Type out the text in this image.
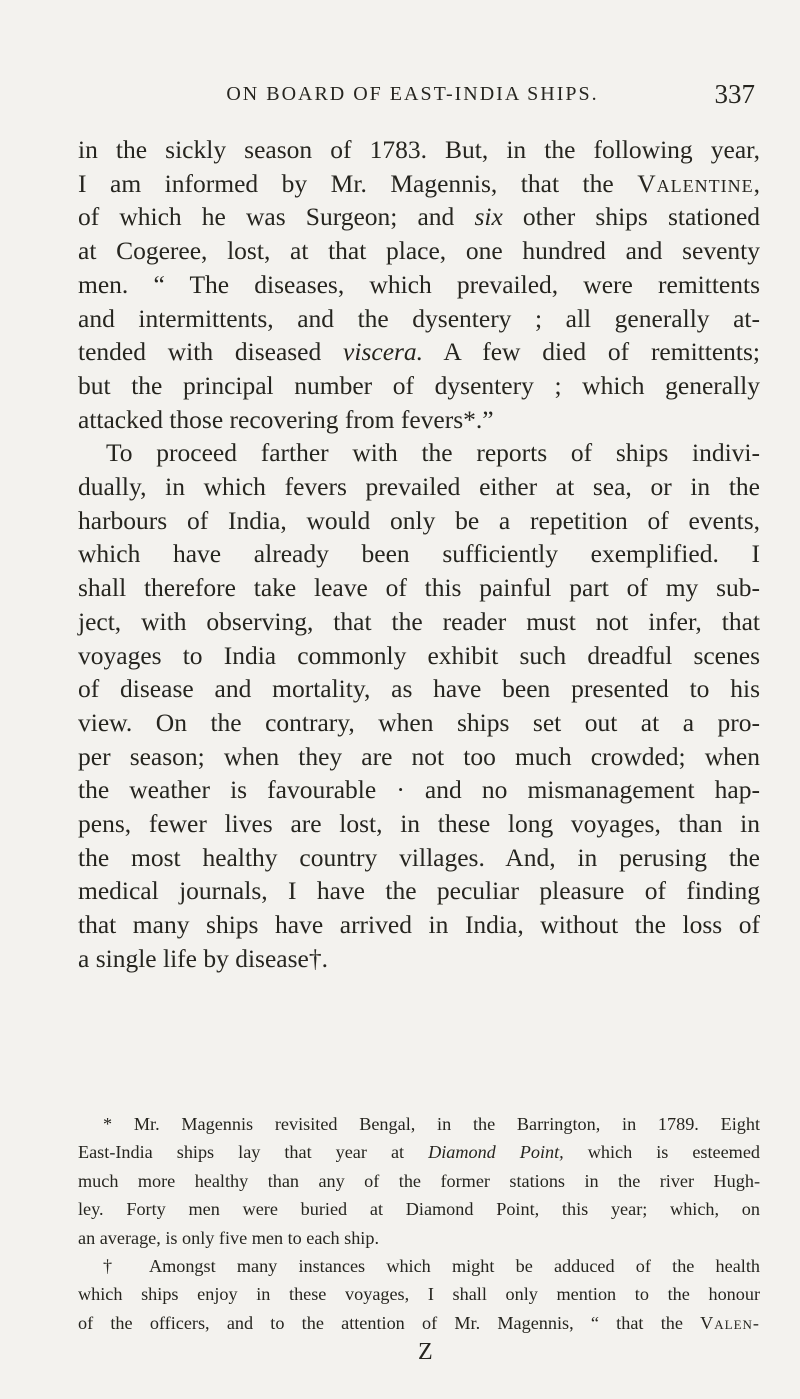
ON BOARD OF EAST-INDIA SHIPS.	337

in the sickly season of 1783. But, in the following year,

I am informed by Mr. Magennis, that the Valentine,

of which he was Surgeon; and six other ships stationed

at Cogeree, lost, at that place, one hundred and seventy

men. “ The diseases, which prevailed, were remittents

and intermittents, and the dysentery ; all generally at-

tended with diseased viscera. A few died of remittents;

but the principal number of dysentery ; which generally

attacked those recovering from fevers*.”

To proceed farther with the reports of ships indivi-

dually, in which fevers prevailed either at sea, or in the

harbours of India, would only be a repetition of events,

which have already been sufficiently exemplified. I

shall therefore take leave of this painful part of my sub-

ject, with observing, that the reader must not infer, that

voyages to India commonly exhibit such dreadful scenes

of disease and mortality, as have been presented to his

view. On the contrary, when ships set out at a pro-

per season; when they are not too much crowded; when

the weather is favourable · and no mismanagement hap-

pens, fewer lives are lost, in these long voyages, than in

the most healthy country villages. And, in perusing the

medical journals, I have the peculiar pleasure of finding

that many ships have arrived in India, without the loss of

a single life by disease†.

* Mr. Magennis revisited Bengal, in the Barrington, in 1789. Eight

East-India ships lay that year at Diamond Point, which is esteemed

much more healthy than any of the former stations in the river Hugh-

ley. Forty men were buried at Diamond Point, this year; which, on

an average, is only five men to each ship.

† Amongst many instances which might be adduced of the health

which ships enjoy in these voyages, I shall only mention to the honour

of the officers, and to the attention of Mr. Magennis, “ that the Valen-

Z
